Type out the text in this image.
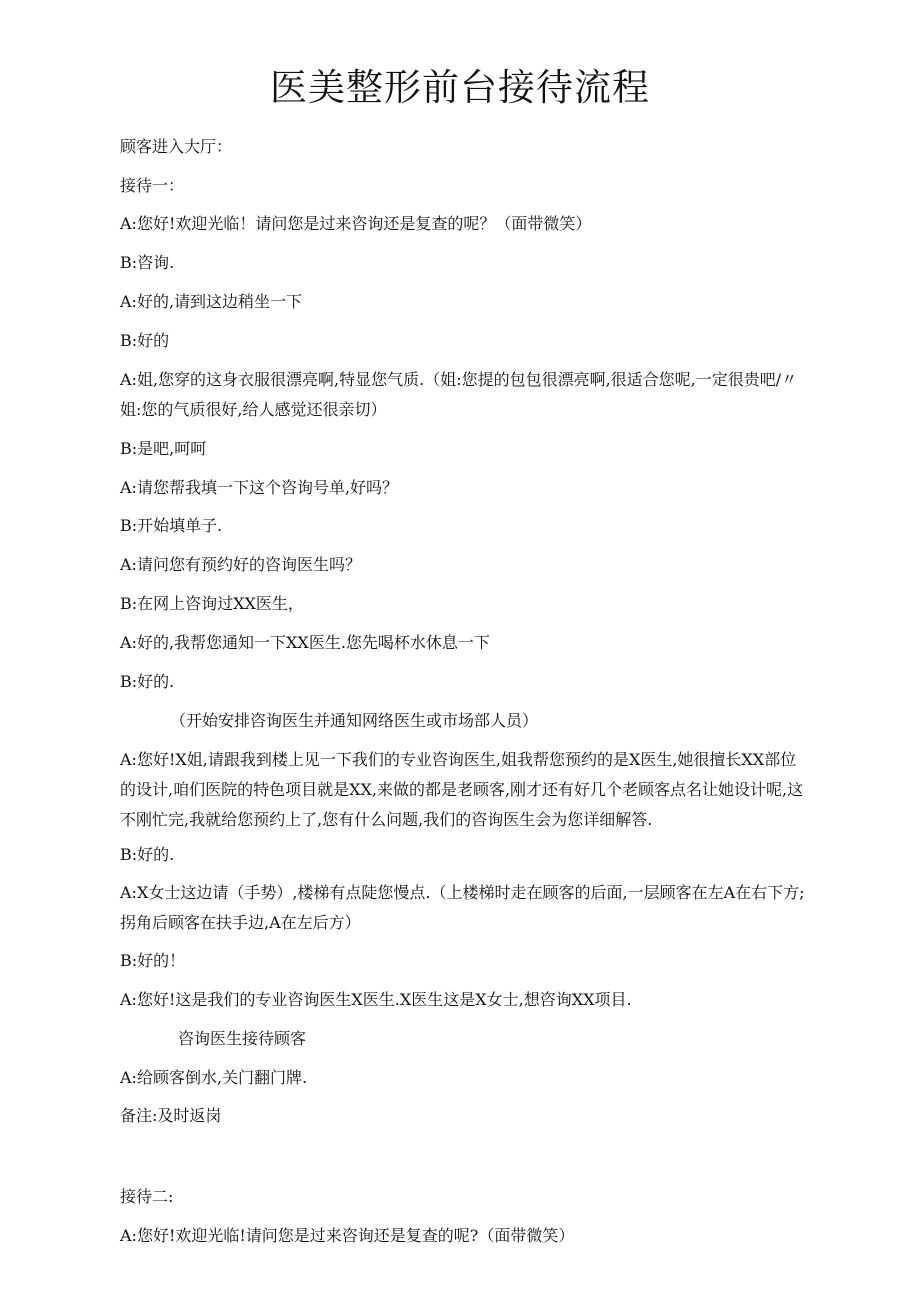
医美整形前台接待流程
顾客进入大厅：
接待一：
A:您好!欢迎光临！请问您是过来咨询还是复查的呢？（面带微笑）
B:咨询.
A:好的,请到这边稍坐一下
B:好的
A:姐,您穿的这身衣服很漂亮啊,特显您气质.（姐:您提的包包很漂亮啊,很适合您呢,一定很贵吧/〃姐:您的气质很好,给人感觉还很亲切）
B:是吧,呵呵
A:请您帮我填一下这个咨询号单,好吗？
B:开始填单子.
A:请问您有预约好的咨询医生吗？
B:在网上咨询过XX医生，
A:好的,我帮您通知一下XX医生.您先喝杯水休息一下
B:好的.
（开始安排咨询医生并通知网络医生或市场部人员）
A:您好!X姐,请跟我到楼上见一下我们的专业咨询医生,姐我帮您预约的是X医生,她很擅长XX部位的设计,咱们医院的特色项目就是XX,来做的都是老顾客,刚才还有好几个老顾客点名让她设计呢,这不刚忙完,我就给您预约上了,您有什么问题,我们的咨询医生会为您详细解答.
B:好的.
A:X女士这边请（手势）,楼梯有点陡您慢点.（上楼梯时走在顾客的后面,一层顾客在左A在右下方;拐角后顾客在扶手边,A在左后方）
B:好的！
A:您好!这是我们的专业咨询医生X医生.X医生这是X女士,想咨询XX项目.
咨询医生接待顾客
A:给顾客倒水,关门翻门牌.
备注:及时返岗
接待二:
A:您好!欢迎光临!请问您是过来咨询还是复查的呢?（面带微笑）
